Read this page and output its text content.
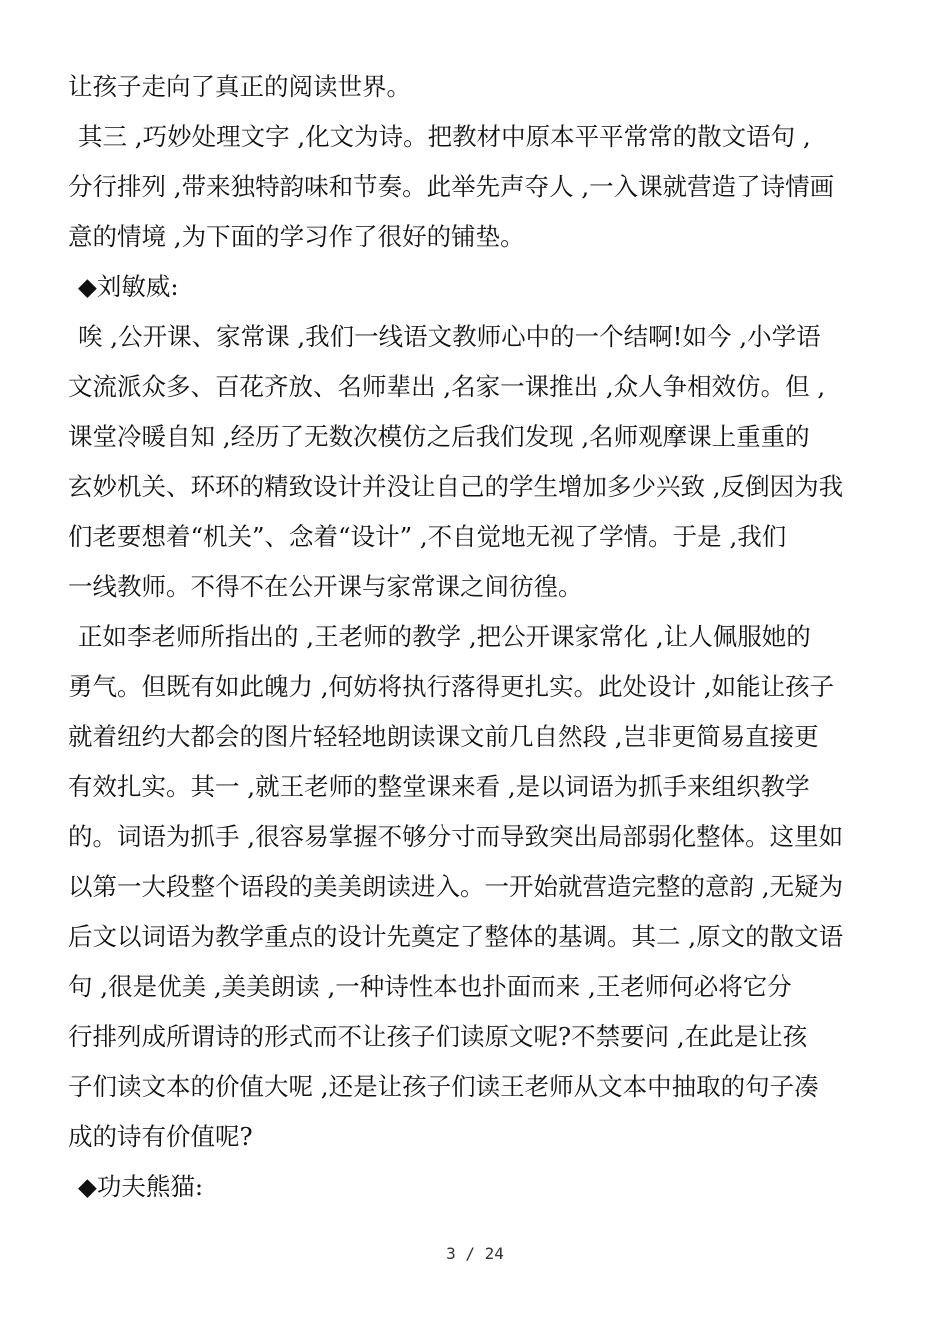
让孩子走向了真正的阅读世界。
其三 ,巧妙处理文字 ,化文为诗。把教材中原本平平常常的散文语句 ,
分行排列 ,带来独特韵味和节奏。此举先声夺人 ,一入课就营造了诗情画
意的情境 ,为下面的学习作了很好的铺垫。
◆刘敏威:
唉 ,公开课、家常课 ,我们一线语文教师心中的一个结啊!如今 ,小学语
文流派众多、百花齐放、名师辈出 ,名家一课推出 ,众人争相效仿。但 ,
课堂冷暖自知 ,经历了无数次模仿之后我们发现 ,名师观摩课上重重的
玄妙机关、环环的精致设计并没让自己的学生增加多少兴致 ,反倒因为我
们老要想着“机关”、念着“设计” ,不自觉地无视了学情。于是 ,我们
一线教师。不得不在公开课与家常课之间彷徨。
正如李老师所指出的 ,王老师的教学 ,把公开课家常化 ,让人佩服她的
勇气。但既有如此魄力 ,何妨将执行落得更扎实。此处设计 ,如能让孩子
就着纽约大都会的图片轻轻地朗读课文前几自然段 ,岂非更简易直接更
有效扎实。其一 ,就王老师的整堂课来看 ,是以词语为抓手来组织教学
的。词语为抓手 ,很容易掌握不够分寸而导致突出局部弱化整体。这里如
以第一大段整个语段的美美朗读进入。一开始就营造完整的意韵 ,无疑为
后文以词语为教学重点的设计先奠定了整体的基调。其二 ,原文的散文语
句 ,很是优美 ,美美朗读 ,一种诗性本也扑面而来 ,王老师何必将它分
行排列成所谓诗的形式而不让孩子们读原文呢?不禁要问 ,在此是让孩
子们读文本的价值大呢 ,还是让孩子们读王老师从文本中抽取的句子凑
成的诗有价值呢?
◆功夫熊猫:
3 / 24
